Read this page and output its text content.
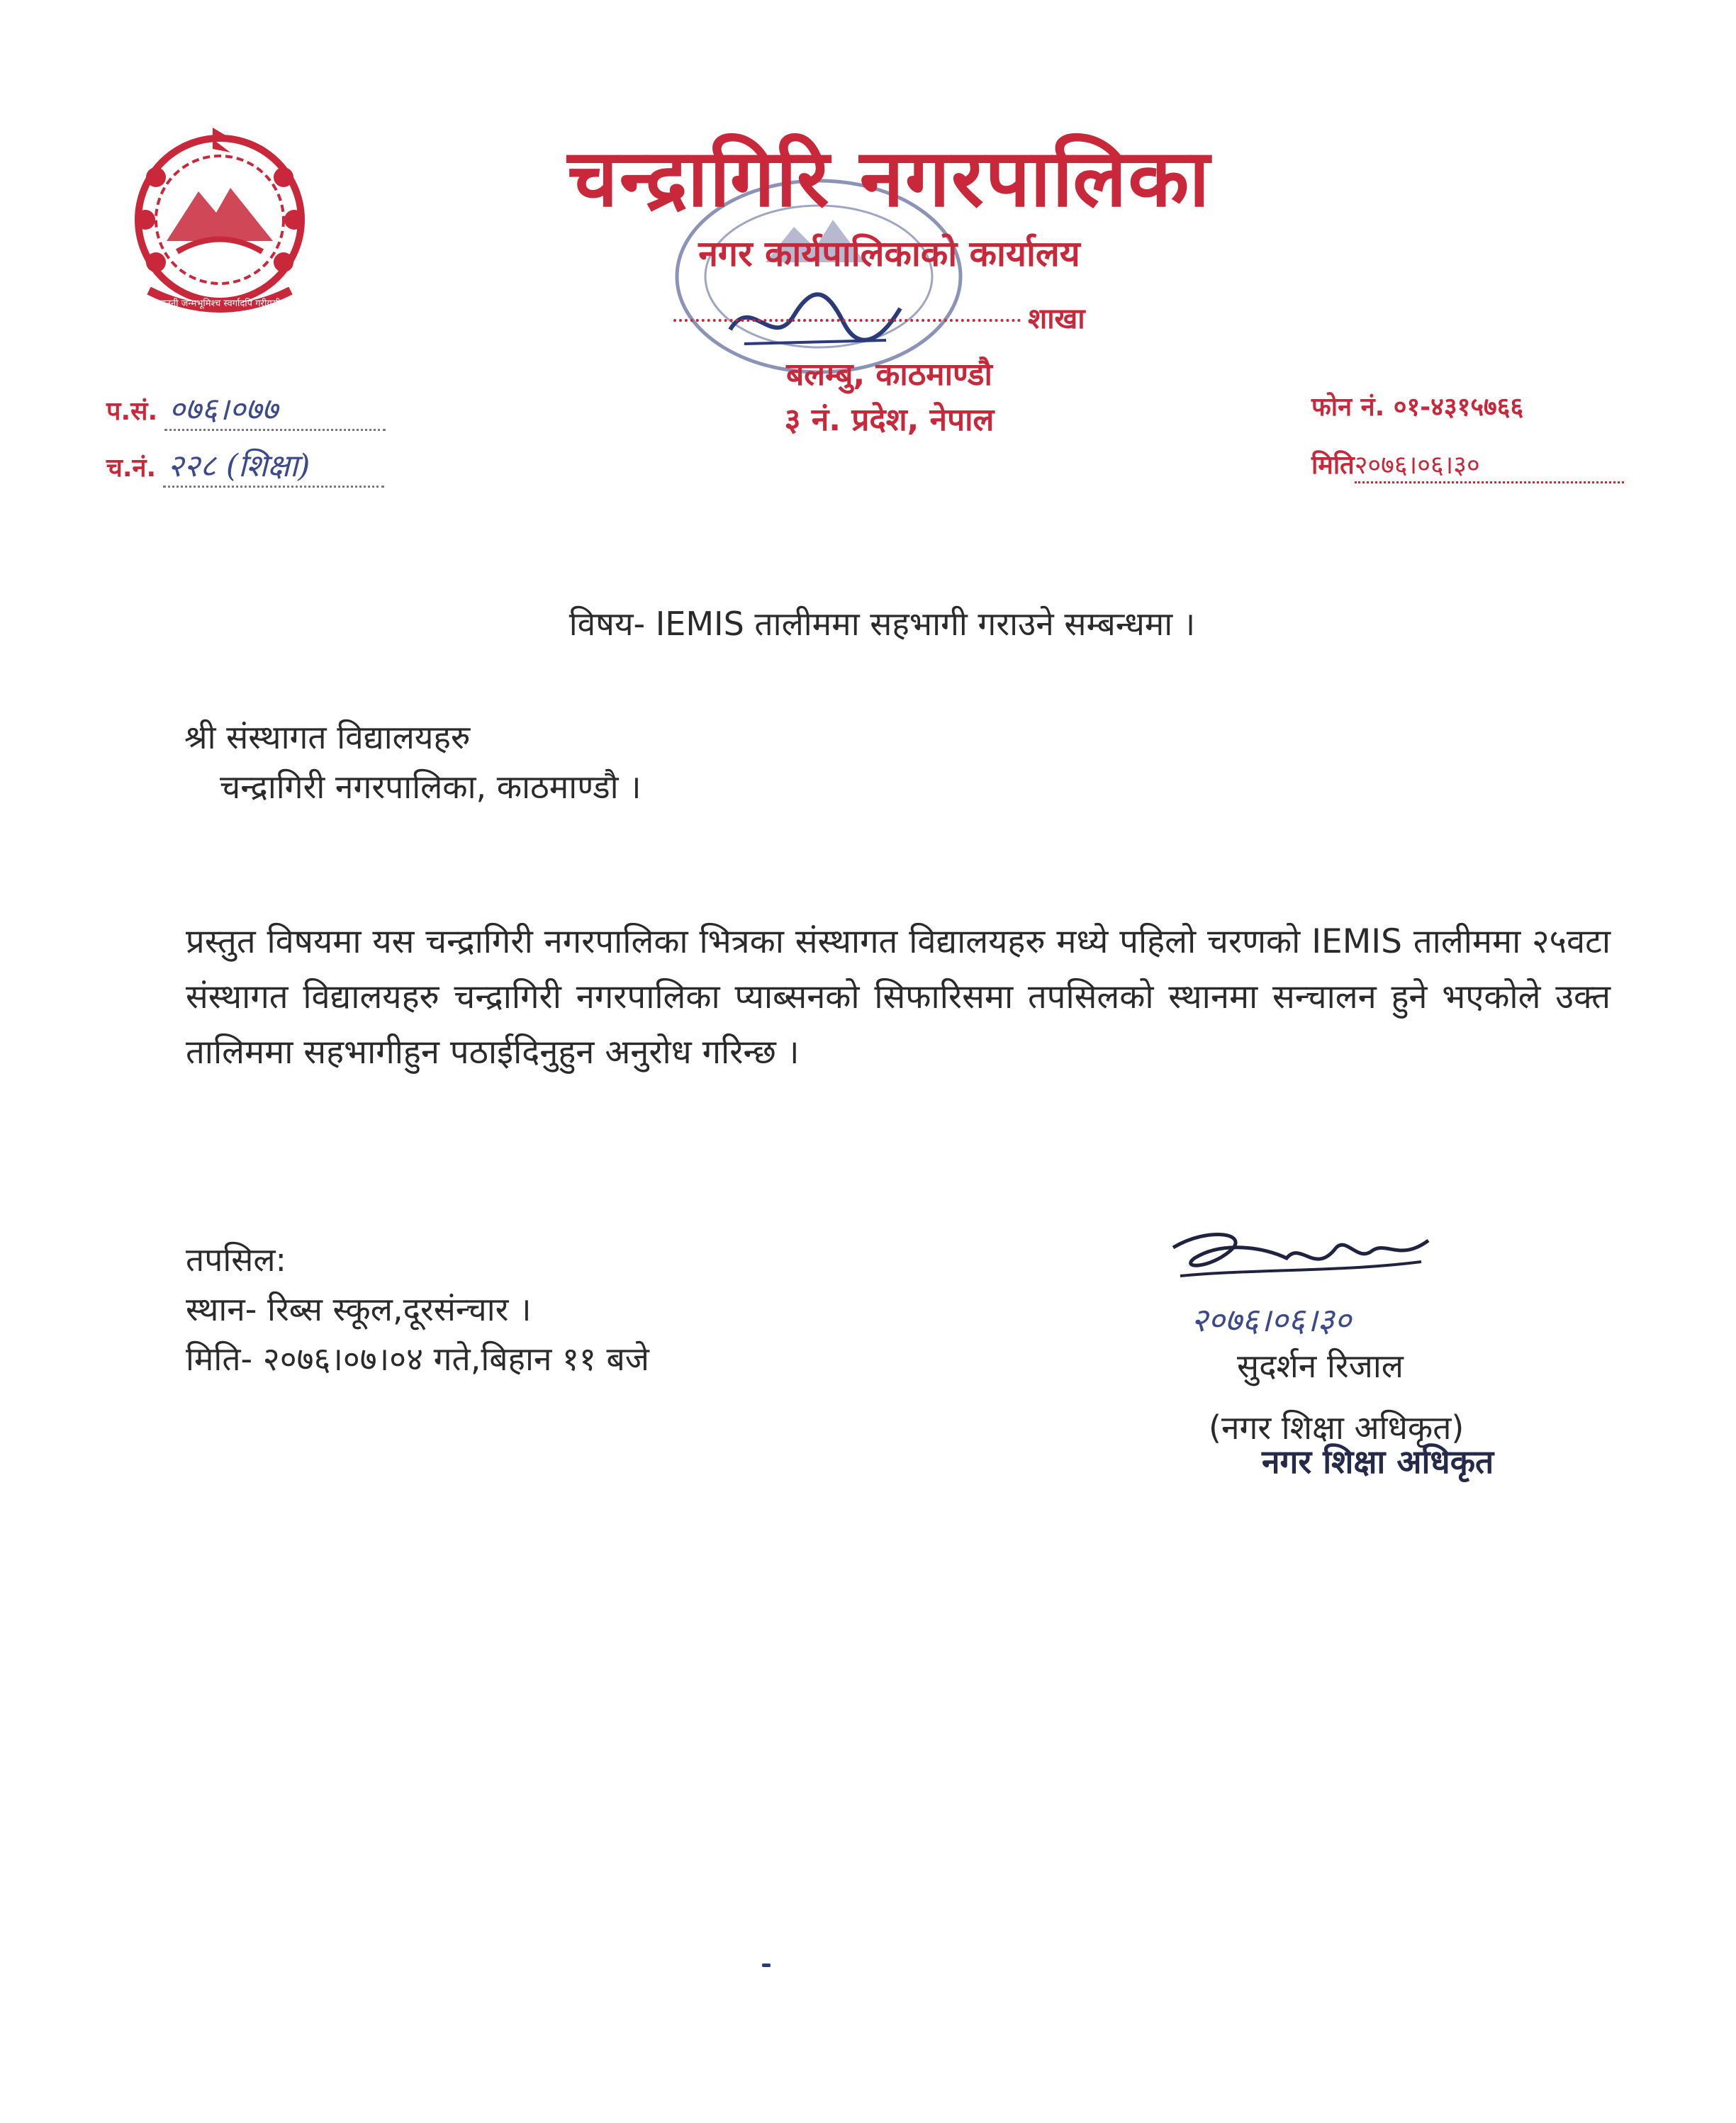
जननी जन्मभूमिश्च स्वर्गादपि गरीयसी
चन्द्रागिरि नगरपालिका
नगर कार्यपालिकाको कार्यालय
शाखा
बलम्बु, काठमाण्डौ
३ नं. प्रदेश, नेपाल
प.सं. ०७६।०७७
च.नं. २२८ (शिक्षा)
फोन नं. ०१-४३१५७६६
मिति२०७६।०६।३०
विषय- IEMIS तालीममा सहभागी गराउने सम्बन्धमा ।
श्री संस्थागत विद्यालयहरु
चन्द्रागिरी नगरपालिका, काठमाण्डौ ।
प्रस्तुत विषयमा यस चन्द्रागिरी नगरपालिका भित्रका संस्थागत विद्यालयहरु मध्ये पहिलो चरणको IEMIS तालीममा २५वटा संस्थागत विद्यालयहरु चन्द्रागिरी नगरपालिका प्याब्सनको सिफारिसमा तपसिलको स्थानमा सन्चालन हुने भएकोले उक्त तालिममा सहभागीहुन पठाईदिनुहुन अनुरोध गरिन्छ ।
तपसिल:
स्थान- रिब्स स्कूल,दूरसंन्चार ।
मिति- २०७६।०७।०४ गते,बिहान ११ बजे
२०७६।०६।३०
सुदर्शन रिजाल
(नगर शिक्षा अधिकृत)
नगर शिक्षा अधिकृत
